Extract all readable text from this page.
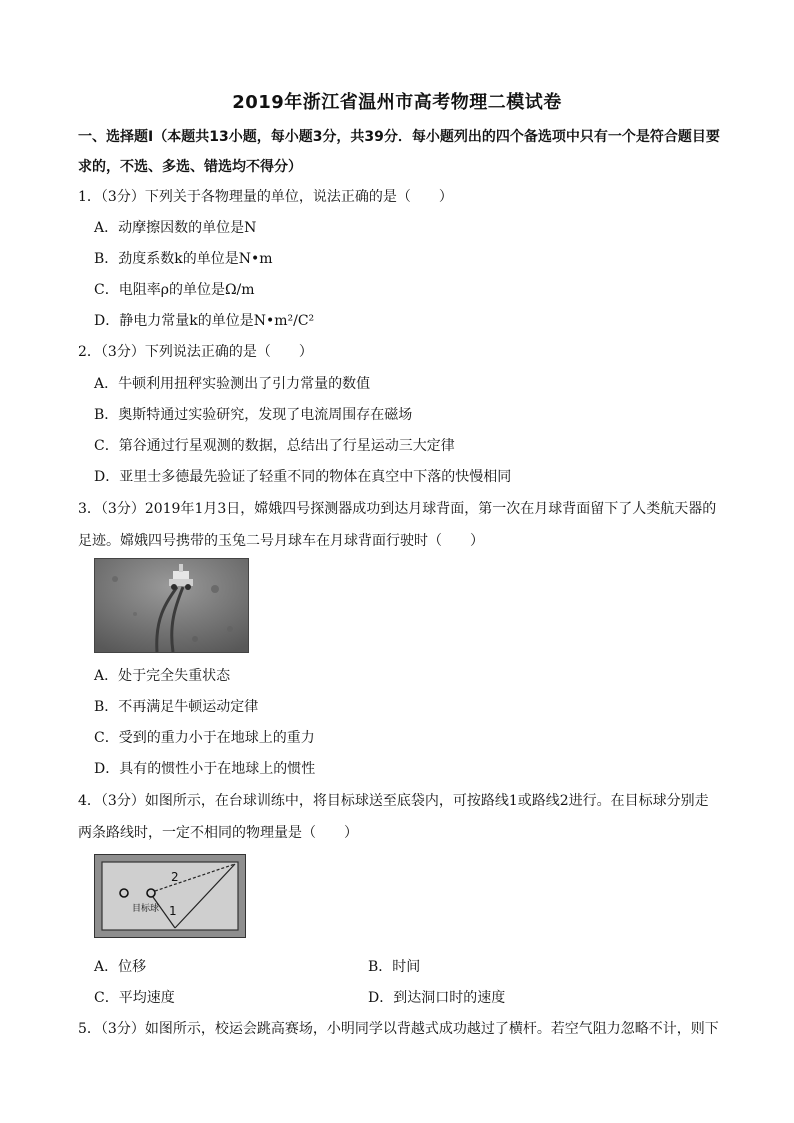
2019年浙江省温州市高考物理二模试卷
一、选择题Ⅰ（本题共13小题，每小题3分，共39分．每小题列出的四个备选项中只有一个是符合题目要求的，不选、多选、错选均不得分）
1．（3分）下列关于各物理量的单位，说法正确的是（　　）
A．动摩擦因数的单位是N
B．劲度系数k的单位是N•m
C．电阻率ρ的单位是Ω/m
D．静电力常量k的单位是N•m²/C²
2．（3分）下列说法正确的是（　　）
A．牛顿利用扭秤实验测出了引力常量的数值
B．奥斯特通过实验研究，发现了电流周围存在磁场
C．第谷通过行星观测的数据，总结出了行星运动三大定律
D．亚里士多德最先验证了轻重不同的物体在真空中下落的快慢相同
3．（3分）2019年1月3日，嫦娥四号探测器成功到达月球背面，第一次在月球背面留下了人类航天器的
足迹。嫦娥四号携带的玉兔二号月球车在月球背面行驶时（　　）
A．处于完全失重状态
B．不再满足牛顿运动定律
C．受到的重力小于在地球上的重力
D．具有的惯性小于在地球上的惯性
4．（3分）如图所示，在台球训练中，将目标球送至底袋内，可按路线1或路线2进行。在目标球分别走
两条路线时，一定不相同的物理量是（　　）
2
1
目标球
A．位移	B．时间
C．平均速度	D．到达洞口时的速度
5．（3分）如图所示，校运会跳高赛场，小明同学以背越式成功越过了横杆。若空气阻力忽略不计，则下
